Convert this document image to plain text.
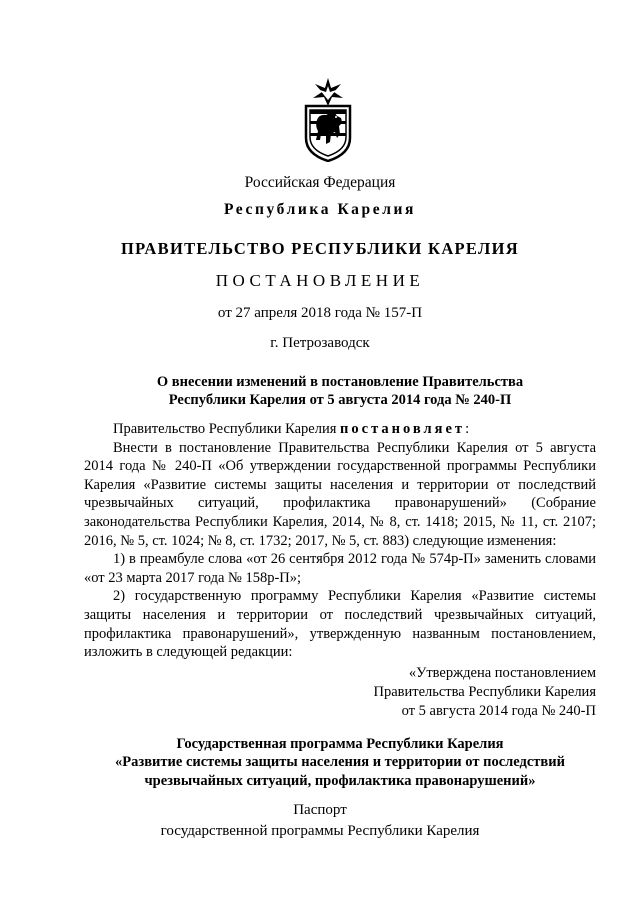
Российская Федерация
Республика Карелия
ПРАВИТЕЛЬСТВО РЕСПУБЛИКИ КАРЕЛИЯ
ПОСТАНОВЛЕНИЕ
от 27 апреля 2018 года № 157-П
г. Петрозаводск
О внесении изменений в постановление Правительства
Республики Карелия от 5 августа 2014 года № 240-П

Правительство Республики Карелия постановляет:

Внести в постановление Правительства Республики Карелия от 5 августа 2014 года № 240-П «Об утверждении государственной программы Республики Карелия «Развитие системы защиты населения и территории от последствий чрезвычайных ситуаций, профилактика правонарушений» (Собрание законодательства Республики Карелия, 2014, № 8, ст. 1418; 2015, № 11, ст. 2107; 2016, № 5, ст. 1024; № 8, ст. 1732; 2017, № 5, ст. 883) следующие изменения:

1) в преамбуле слова «от 26 сентября 2012 года № 574р-П» заменить словами «от 23 марта 2017 года № 158р-П»;

2) государственную программу Республики Карелия «Развитие системы защиты населения и территории от последствий чрезвычайных ситуаций, профилактика правонарушений», утвержденную названным постановлением, изложить в следующей редакции:

«Утверждена постановлением
Правительства Республики Карелия
от 5 августа 2014 года № 240-П
Государственная программа Республики Карелия
«Развитие системы защиты населения и территории от последствий
чрезвычайных ситуаций, профилактика правонарушений»
Паспорт
государственной программы Республики Карелия
